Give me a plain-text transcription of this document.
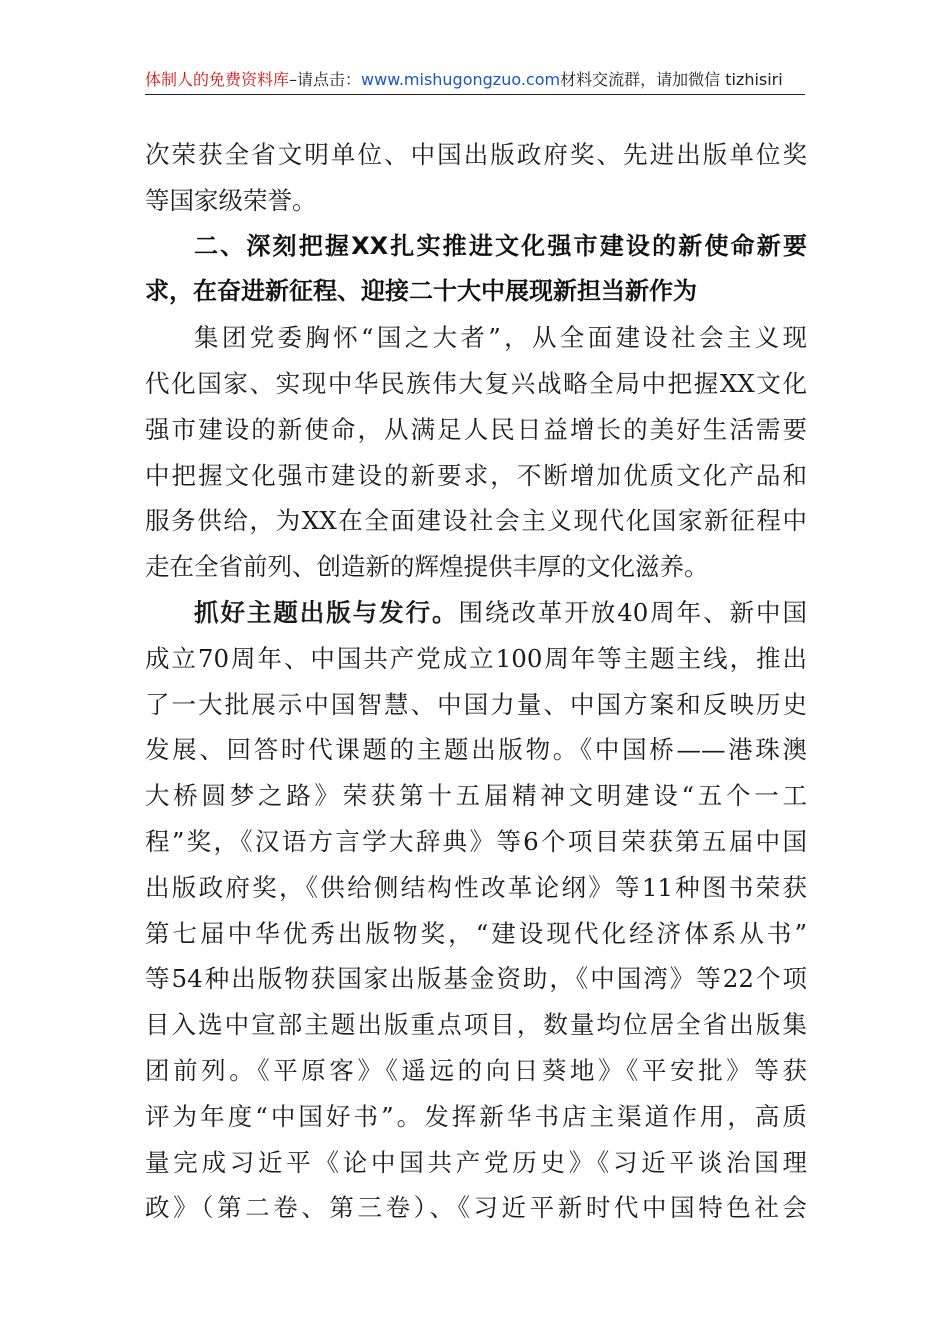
体制人的免费资料库–请点击：www.mishugongzuo.com材料交流群，请加微信 tizhisiri
次荣获全省文明单位、中国出版政府奖、先进出版单位奖
等国家级荣誉。
二、深刻把握XX扎实推进文化强市建设的新使命新要
求，在奋进新征程、迎接二十大中展现新担当新作为
集团党委胸怀“国之大者”，从全面建设社会主义现
代化国家、实现中华民族伟大复兴战略全局中把握XX文化
强市建设的新使命，从满足人民日益增长的美好生活需要
中把握文化强市建设的新要求，不断增加优质文化产品和
服务供给，为XX在全面建设社会主义现代化国家新征程中
走在全省前列、创造新的辉煌提供丰厚的文化滋养。
抓好主题出版与发行。围绕改革开放40周年、新中国
成立70周年、中国共产党成立100周年等主题主线，推出
了一大批展示中国智慧、中国力量、中国方案和反映历史
发展、回答时代课题的主题出版物。《中国桥——港珠澳
大桥圆梦之路》荣获第十五届精神文明建设“五个一工
程”奖，《汉语方言学大辞典》等6个项目荣获第五届中国
出版政府奖，《供给侧结构性改革论纲》等11种图书荣获
第七届中华优秀出版物奖，“建设现代化经济体系从书”
等54种出版物获国家出版基金资助，《中国湾》等22个项
目入选中宣部主题出版重点项目，数量均位居全省出版集
团前列。《平原客》《遥远的向日葵地》《平安批》等获
评为年度“中国好书”。发挥新华书店主渠道作用，高质
量完成习近平《论中国共产党历史》《习近平谈治国理
政》（第二卷、第三卷）、《习近平新时代中国特色社会
